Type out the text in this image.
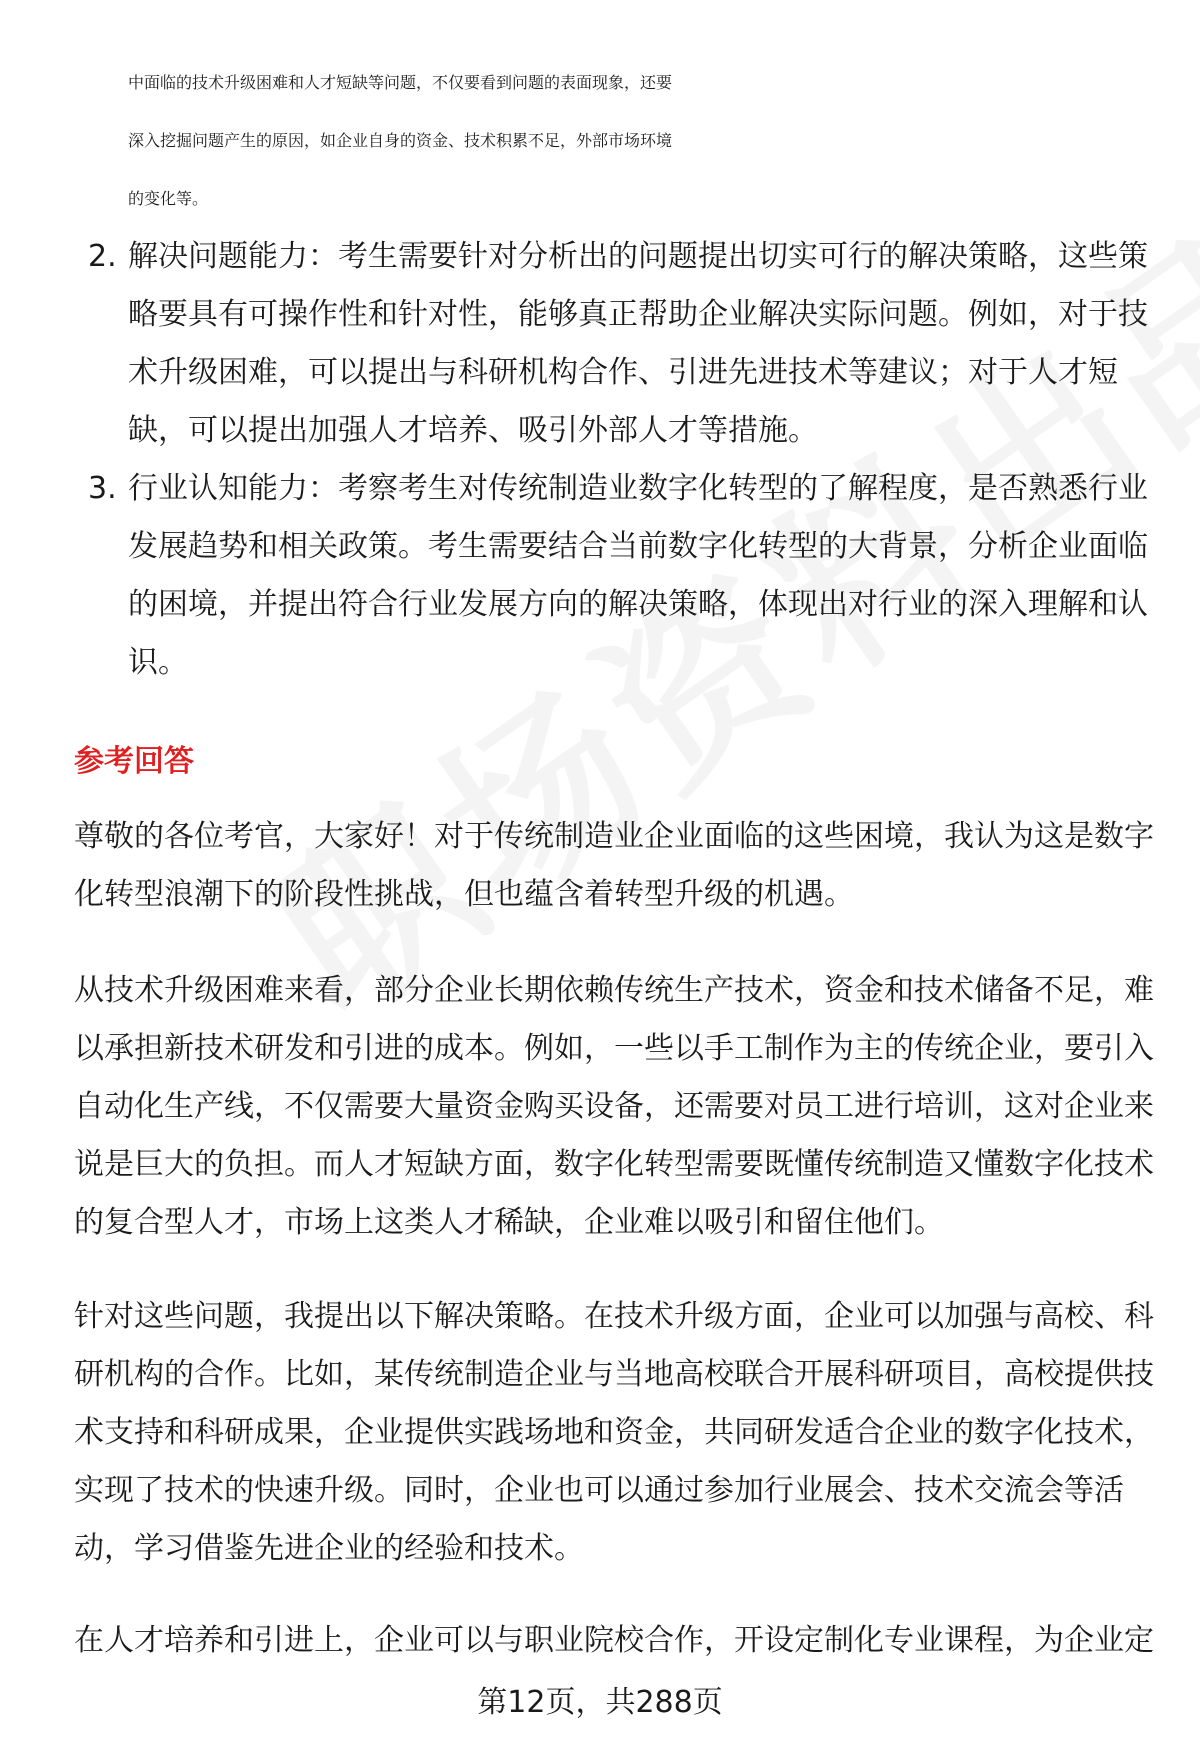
中面临的技术升级困难和人才短缺等问题，不仅要看到问题的表面现象，还要
深入挖掘问题产生的原因，如企业自身的资金、技术积累不足，外部市场环境
的变化等。
2. 解决问题能力：考生需要针对分析出的问题提出切实可行的解决策略，这些策
略要具有可操作性和针对性，能够真正帮助企业解决实际问题。例如，对于技
术升级困难，可以提出与科研机构合作、引进先进技术等建议；对于人才短
缺，可以提出加强人才培养、吸引外部人才等措施。
3. 行业认知能力：考察考生对传统制造业数字化转型的了解程度，是否熟悉行业
发展趋势和相关政策。考生需要结合当前数字化转型的大背景，分析企业面临
的困境，并提出符合行业发展方向的解决策略，体现出对行业的深入理解和认
识。
参考回答
尊敬的各位考官，大家好！对于传统制造业企业面临的这些困境，我认为这是数字
化转型浪潮下的阶段性挑战，但也蕴含着转型升级的机遇。
从技术升级困难来看，部分企业长期依赖传统生产技术，资金和技术储备不足，难
以承担新技术研发和引进的成本。例如，一些以手工制作为主的传统企业，要引入
自动化生产线，不仅需要大量资金购买设备，还需要对员工进行培训，这对企业来
说是巨大的负担。而人才短缺方面，数字化转型需要既懂传统制造又懂数字化技术
的复合型人才，市场上这类人才稀缺，企业难以吸引和留住他们。
针对这些问题，我提出以下解决策略。在技术升级方面，企业可以加强与高校、科
研机构的合作。比如，某传统制造企业与当地高校联合开展科研项目，高校提供技
术支持和科研成果，企业提供实践场地和资金，共同研发适合企业的数字化技术，
实现了技术的快速升级。同时，企业也可以通过参加行业展会、技术交流会等活
动，学习借鉴先进企业的经验和技术。
在人才培养和引进上，企业可以与职业院校合作，开设定制化专业课程，为企业定
第12页，共288页
